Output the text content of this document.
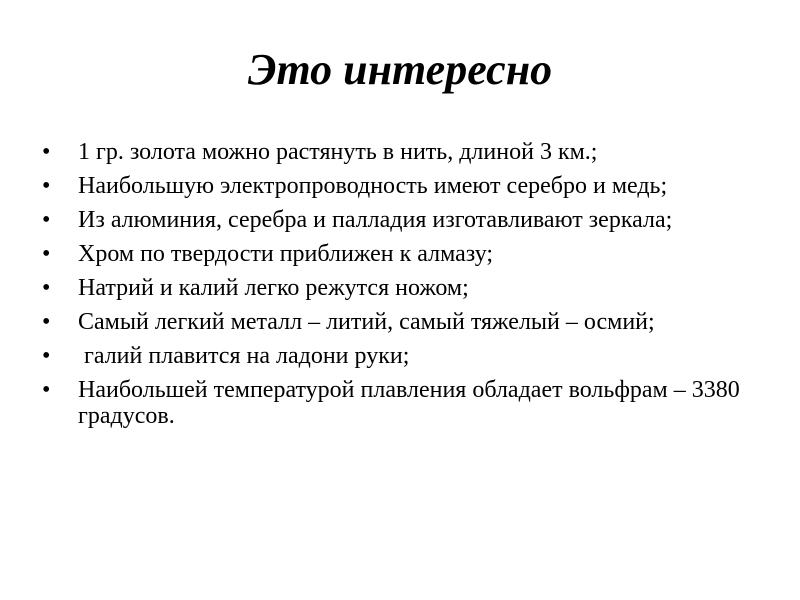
Это интересно
• 1 гр. золота можно растянуть в нить, длиной 3 км.;
• Наибольшую электропроводность имеют серебро и медь;
• Из алюминия, серебра и палладия изготавливают зеркала;
• Хром по твердости приближен к алмазу;
• Натрий и калий легко режутся ножом;
• Самый легкий металл – литий, самый тяжелый – осмий;
•  галий плавится на ладони руки;
• Наибольшей температурой плавления обладает вольфрам – 3380 градусов.
